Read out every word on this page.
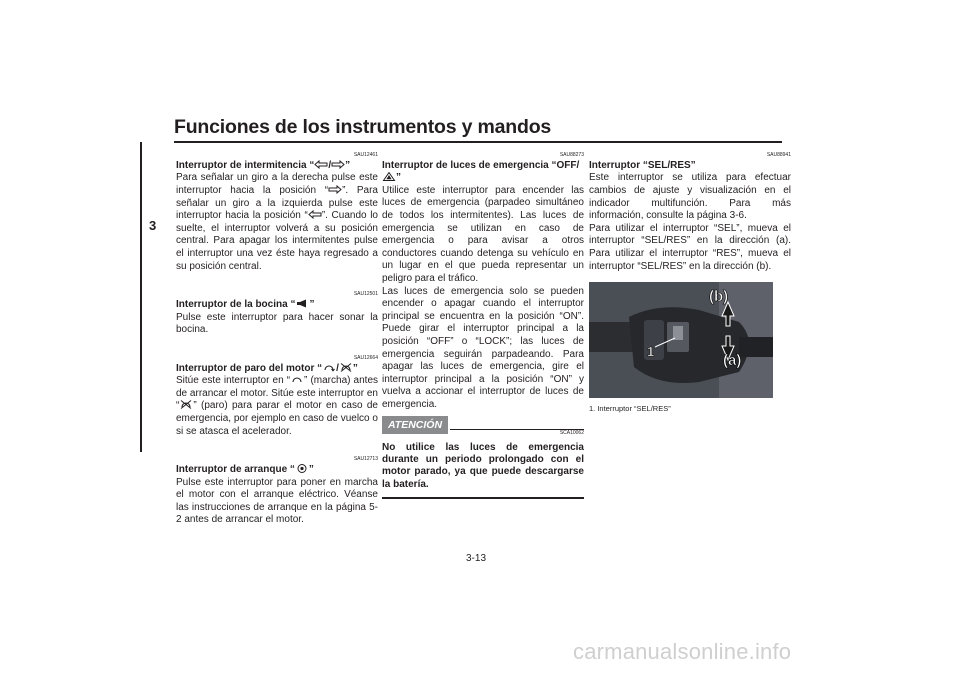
Funciones de los instrumentos y mandos
3
SAU12461
Interruptor de intermitencia “ / ”
Para señalar un giro a la derecha pulse este interruptor hacia la posición “ ”. Para señalar un giro a la izquierda pulse este interruptor hacia la posición “ ”. Cuando lo suelte, el interruptor volverá a su posición central. Para apagar los intermitentes pulse el interruptor una vez éste haya regresado a su posición central.
SAU12501
Interruptor de la bocina “ ”
Pulse este interruptor para hacer sonar la bocina.
SAU12664
Interruptor de paro del motor “ / ”
Sitúe este interruptor en “ ” (marcha) antes de arrancar el motor. Sitúe este interruptor en “ ” (paro) para parar el motor en caso de emergencia, por ejemplo en caso de vuelco o si se atasca el acelerador.
SAU12713
Interruptor de arranque “ ”
Pulse este interruptor para poner en marcha el motor con el arranque eléctrico. Véanse las instrucciones de arranque en la página 5-2 antes de arrancar el motor.
SAU88273
Interruptor de luces de emergencia “OFF/”
Utilice este interruptor para encender las luces de emergencia (parpadeo simultáneo de todos los intermitentes). Las luces de emergencia se utilizan en caso de emergencia o para avisar a otros conductores cuando detenga su vehículo en un lugar en el que pueda representar un peligro para el tráfico.
Las luces de emergencia solo se pueden encender o apagar cuando el interruptor principal se encuentra en la posición “ON”. Puede girar el interruptor principal a la posición “OFF” o “LOCK”; las luces de emergencia seguirán parpadeando. Para apagar las luces de emergencia, gire el interruptor principal a la posición “ON” y vuelva a accionar el interruptor de luces de emergencia.
ATENCIÓN
SCA10062
No utilice las luces de emergencia durante un periodo prolongado con el motor parado, ya que puede descargarse la batería.
SAU88941
Interruptor “SEL/RES”
Este interruptor se utiliza para efectuar cambios de ajuste y visualización en el indicador multifunción. Para más información, consulte la página 3-6.
Para utilizar el interruptor “SEL”, mueva el interruptor “SEL/RES” en la dirección (a). Para utilizar el interruptor “RES”, mueva el interruptor “SEL/RES” en la dirección (b).
(b)
(a)
1
1. Interruptor “SEL/RES”
3-13
carmanualsonline.info
